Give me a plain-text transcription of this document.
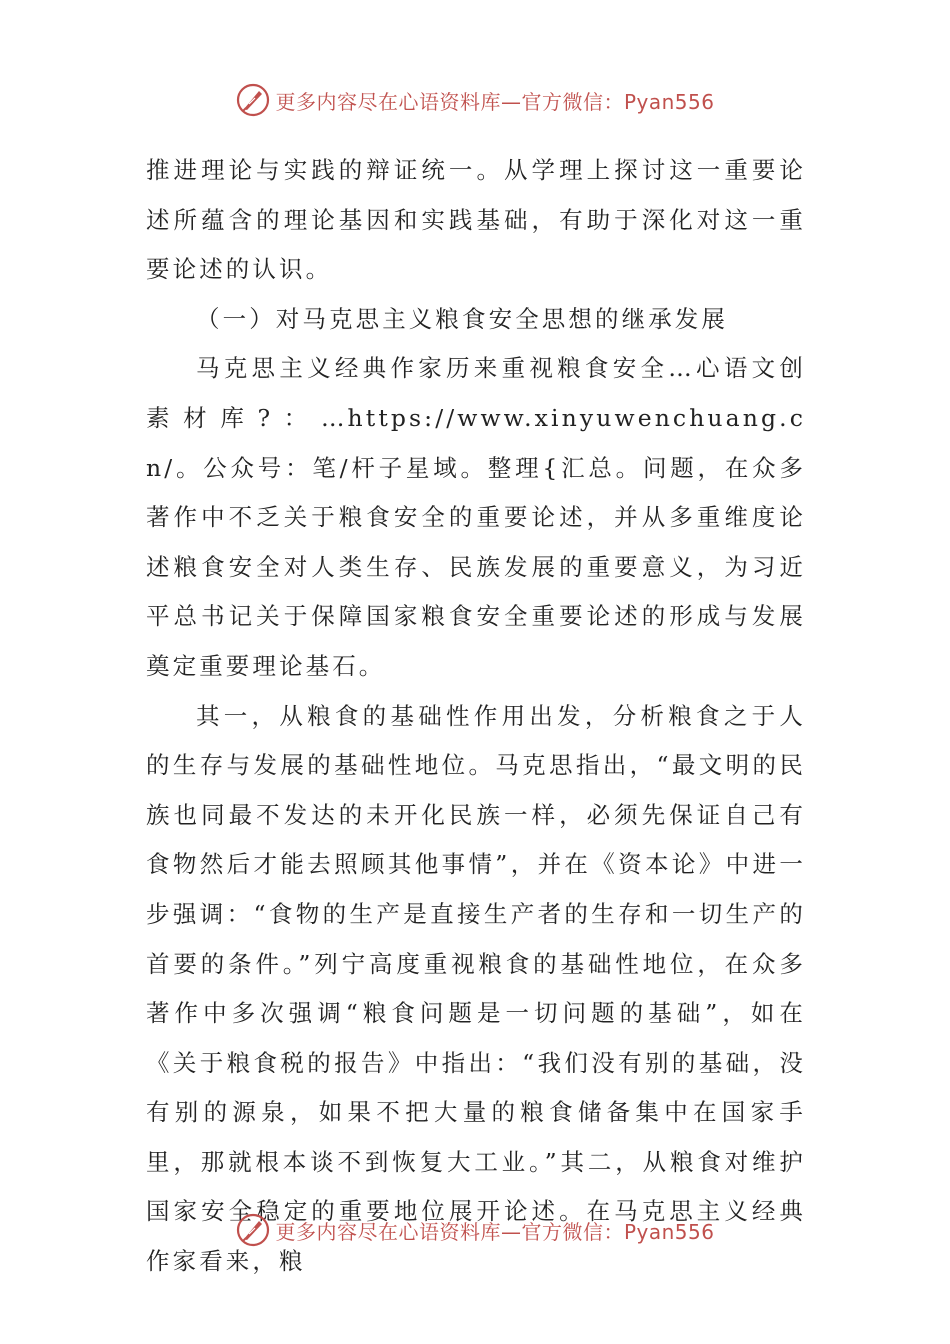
更多内容尽在心语资料库—官方微信：Pyan556

推进理论与实践的辩证统一。从学理上探讨这一重要论述所蕴含的理论基因和实践基础，有助于深化对这一重要论述的认识。

（一）对马克思主义粮食安全思想的继承发展

马克思主义经典作家历来重视粮食安全…心语文创素材库?：…https://www.xinyuwenchuang.cn/。公众号：笔/杆子星域。整理{汇总。问题，在众多著作中不乏关于粮食安全的重要论述，并从多重维度论述粮食安全对人类生存、民族发展的重要意义，为习近平总书记关于保障国家粮食安全重要论述的形成与发展奠定重要理论基石。

其一，从粮食的基础性作用出发，分析粮食之于人的生存与发展的基础性地位。马克思指出，“最文明的民族也同最不发达的未开化民族一样，必须先保证自己有食物然后才能去照顾其他事情”，并在《资本论》中进一步强调：“食物的生产是直接生产者的生存和一切生产的首要的条件。”列宁高度重视粮食的基础性地位，在众多著作中多次强调“粮食问题是一切问题的基础”，如在《关于粮食税的报告》中指出：“我们没有别的基础，没有别的源泉，如果不把大量的粮食储备集中在国家手里，那就根本谈不到恢复大工业。”其二，从粮食对维护国家安全稳定的重要地位展开论述。在马克思主义经典作家看来，粮

更多内容尽在心语资料库—官方微信：Pyan556
